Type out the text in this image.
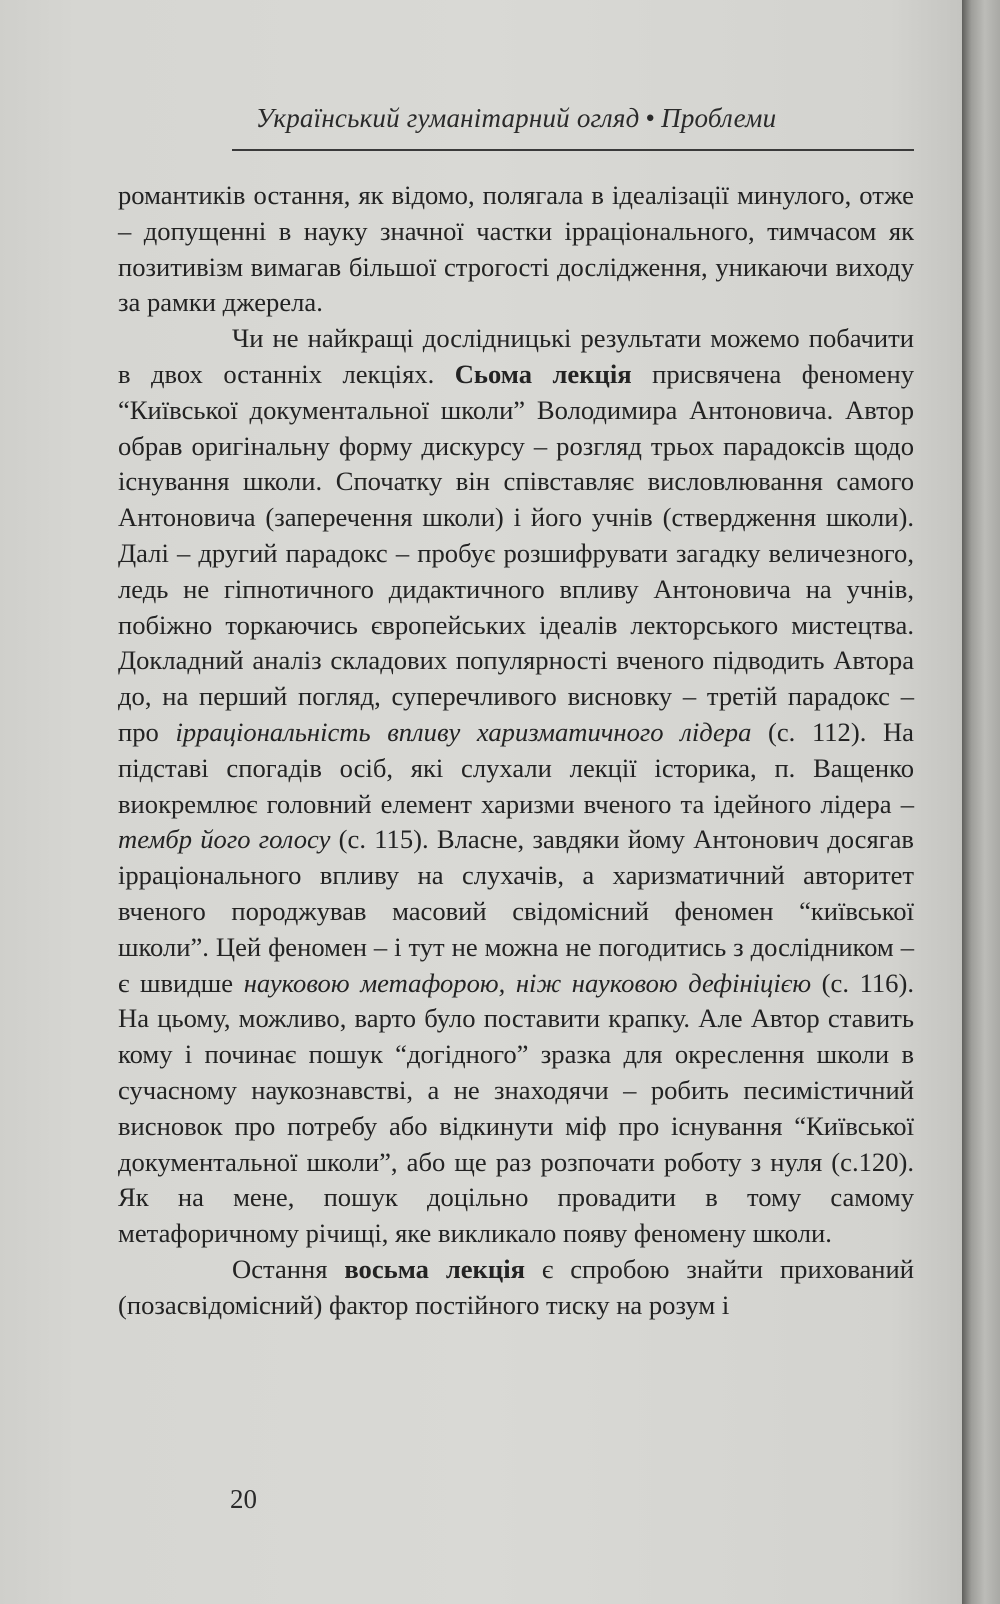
Український гуманітарний огляд • Проблеми

романтиків остання, як відомо, полягала в ідеалізації минулого, отже – допущенні в науку значної частки ірраціонального, тимчасом як позитивізм вимагав більшої строгості дослідження, уникаючи виходу за рамки джерела.

Чи не найкращі дослідницькі результати можемо побачити в двох останніх лекціях. Сьома лекція присвячена феномену “Київської документальної школи” Володимира Антоновича. Автор обрав оригінальну форму дискурсу – розгляд трьох парадоксів щодо існування школи. Спочатку він співставляє висловлювання самого Антоновича (заперечення школи) і його учнів (ствердження школи). Далі – другий парадокс – пробує розшифрувати загадку величезного, ледь не гіпнотичного дидактичного впливу Антоновича на учнів, побіжно торкаючись європейських ідеалів лекторського мистецтва. Докладний аналіз складових популярності вченого підводить Автора до, на перший погляд, суперечливого висновку – третій парадокс – про ірраціональність впливу харизматичного лідера (с. 112). На підставі спогадів осіб, які слухали лекції історика, п. Ващенко виокремлює головний елемент харизми вченого та ідейного лідера – тембр його голосу (с. 115). Власне, завдяки йому Антонович досягав ірраціонального впливу на слухачів, а харизматичний авторитет вченого породжував масовий свідомісний феномен “київської школи”. Цей феномен – і тут не можна не погодитись з дослідником – є швидше науковою метафорою, ніж науковою дефініцією (с. 116). На цьому, можливо, варто було поставити крапку. Але Автор ставить кому і починає пошук “догідного” зразка для окреслення школи в сучасному наукознавстві, а не знаходячи – робить песимістичний висновок про потребу або відкинути міф про існування “Київської документальної школи”, або ще раз розпочати роботу з нуля (с.120). Як на мене, пошук доцільно провадити в тому самому метафоричному річищі, яке викликало появу феномену школи.

Остання восьма лекція є спробою знайти прихований (позасвідомісний) фактор постійного тиску на розум і

20
